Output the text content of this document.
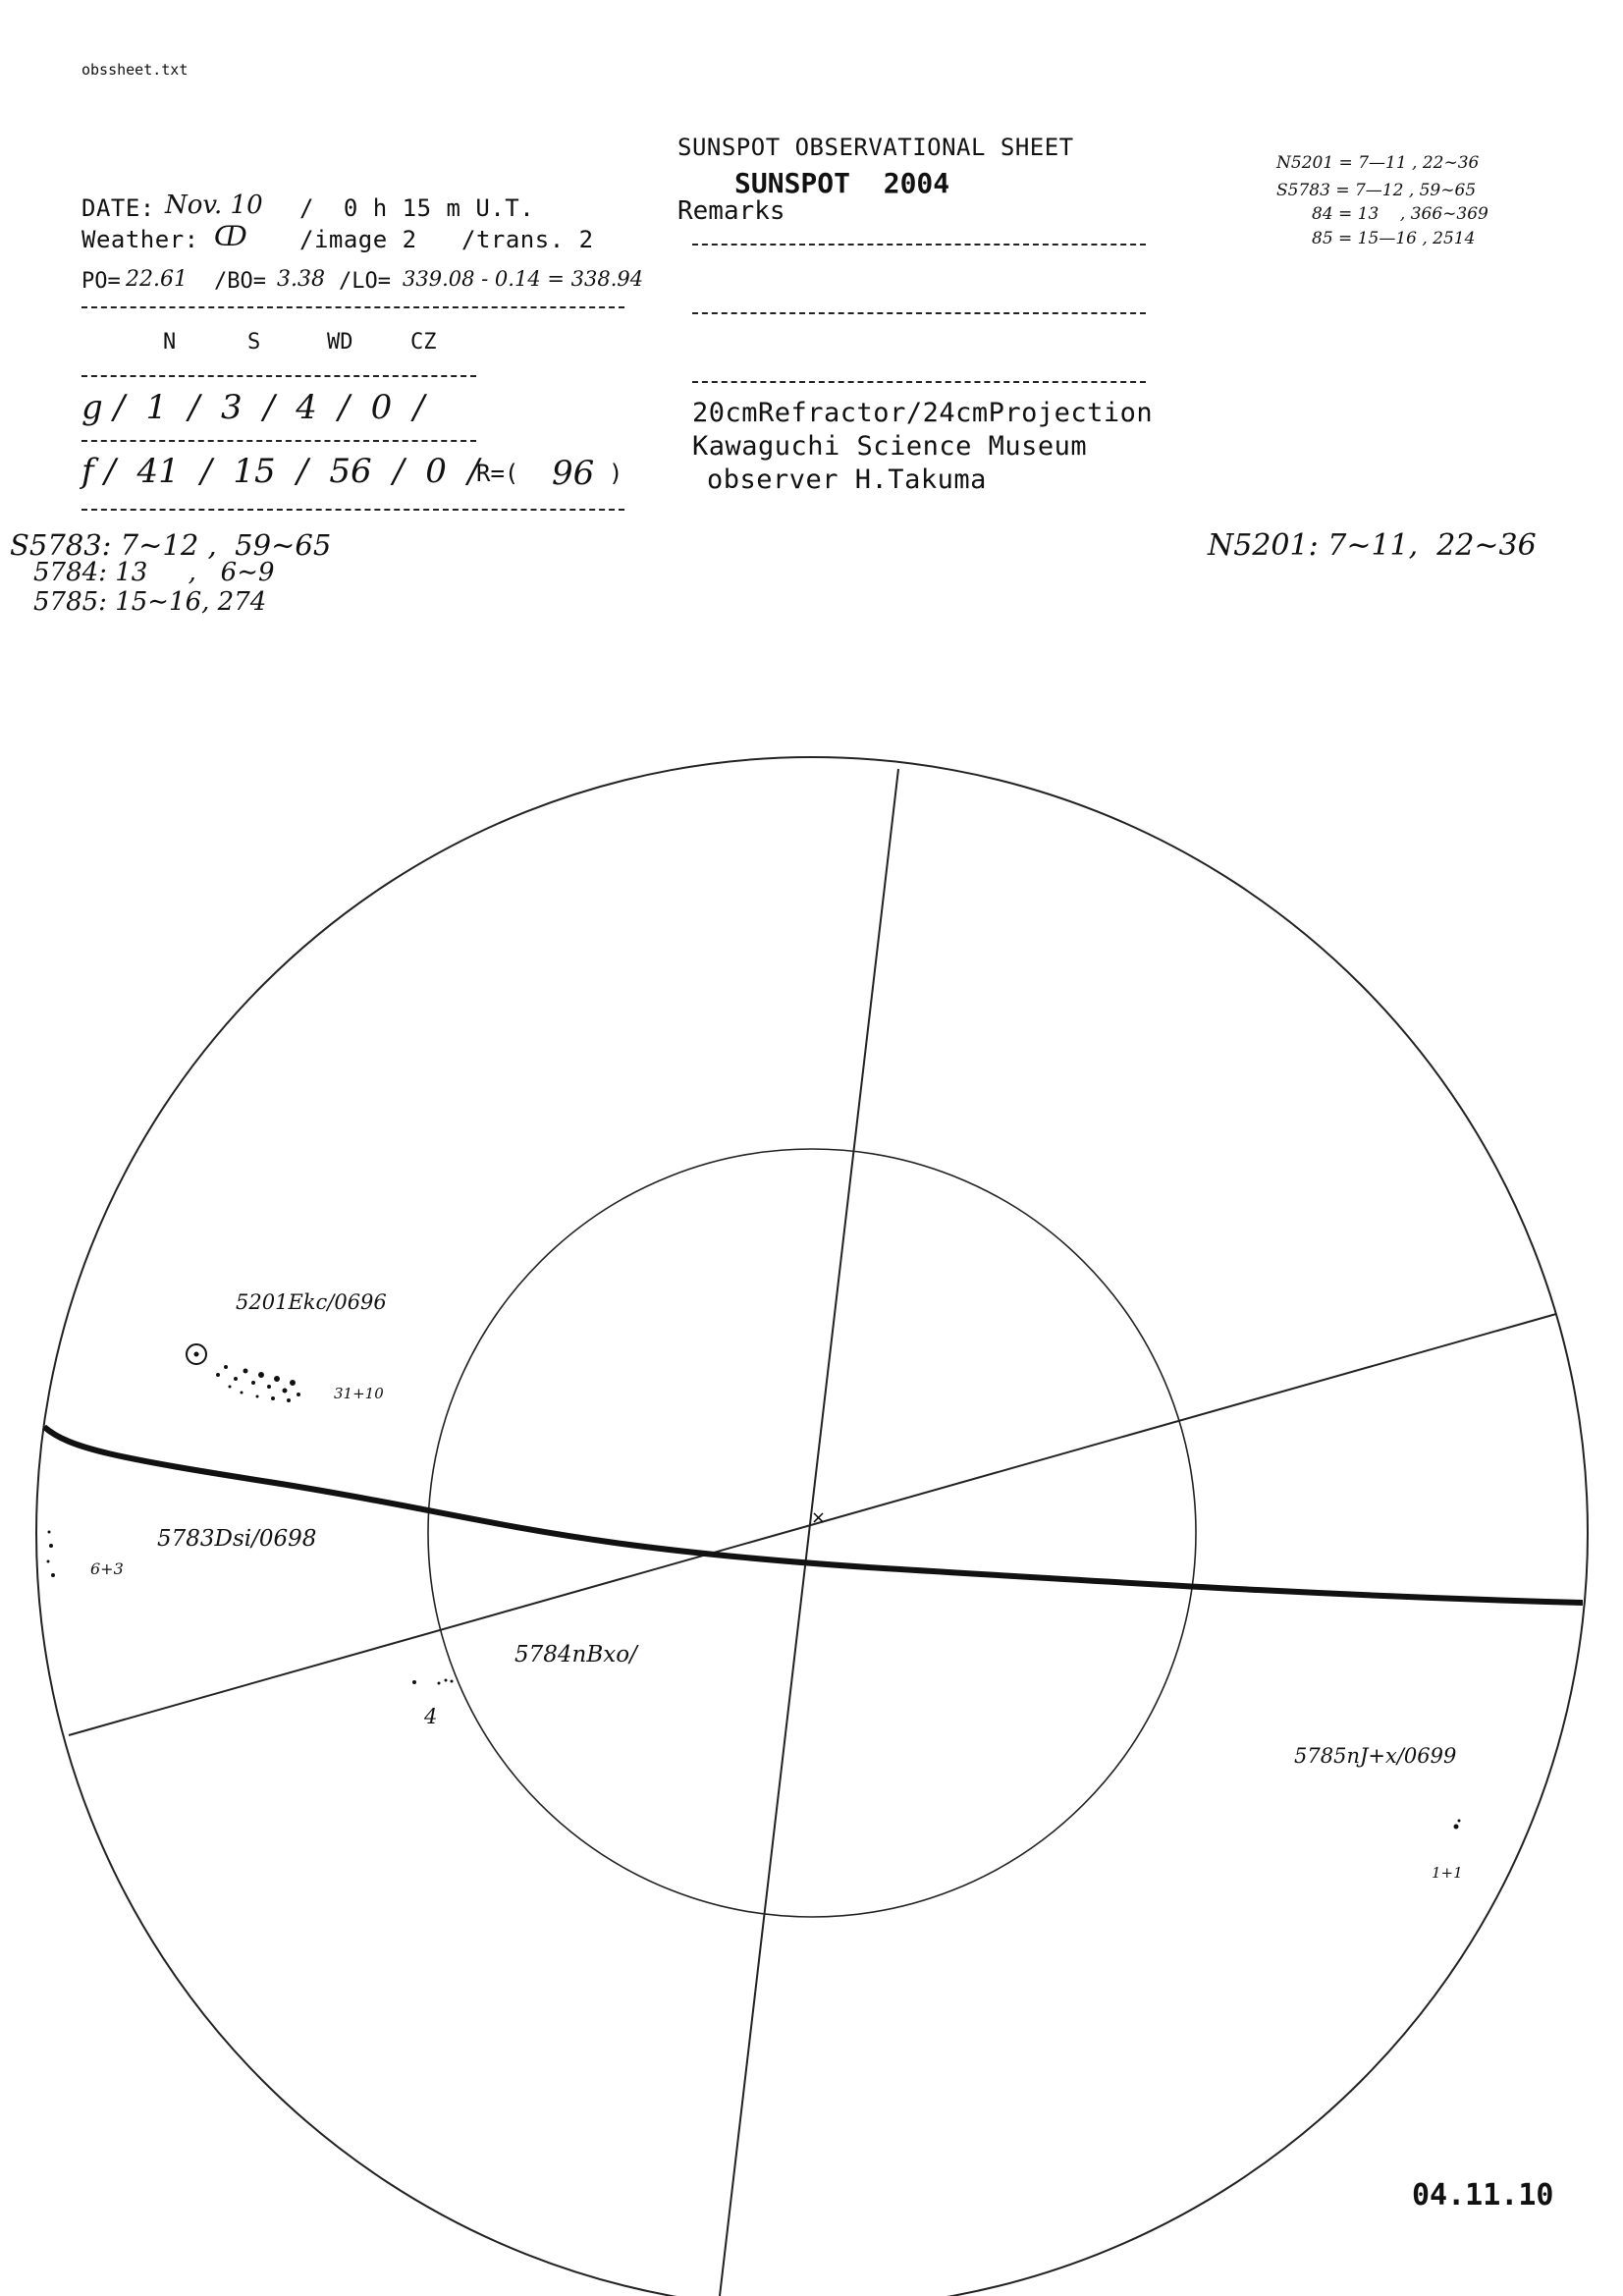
obssheet.txt
SUNSPOT OBSERVATIONAL SHEET
SUNSPOT  2004
Remarks
20cmRefractor/24cmProjection
Kawaguchi Science Museum
observer H.Takuma
DATE: Nov. 10 /  0 h 15 m U.T.
Weather: ↀ /image 2 /trans. 2
PO= 22.61 /BO= 3.38 /LO= 339.08 - 0.14 = 338.94
N	S	WD	CZ
g /  1  /  3  /  4  /  0  /
f /  41  /  15  /  56  /  0  /
R=( 96 )
N5201 = 7—11 , 22∼36
S5783 = 7—12 , 59∼65
84 = 13    , 366∼369
85 = 15—16 , 2514
S5783: 7∼12 ,  59∼65
5784: 13     ,   6∼9
5785: 15∼16, 274
N5201: 7∼11,  22∼36
×
5201Ekc/0696
31+10
5783Dsi/0698
6+3
5784nBxo/
4
5785nJ+x/0699
1+1
04.11.10
